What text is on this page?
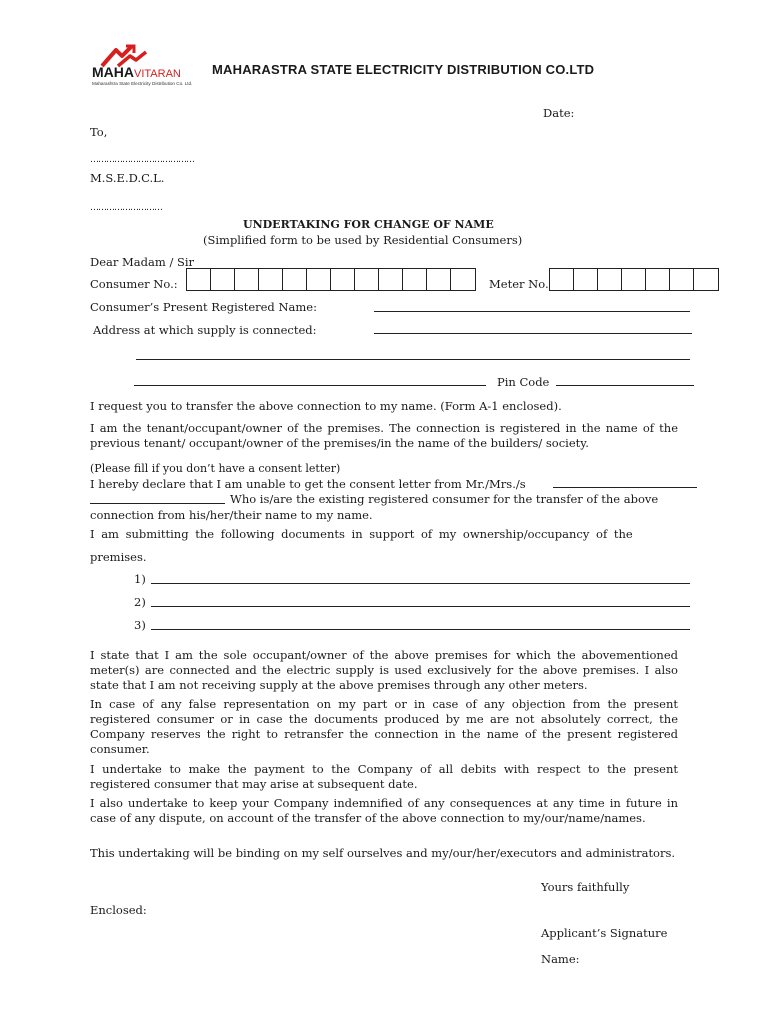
MAHAVITARAN
Maharashtra State Electricity Distribution Co. Ltd.
MAHARASTRA STATE ELECTRICITY DISTRIBUTION CO.LTD
Date:
To,
…………………………………
M.S.E.D.C.L.
………………………
UNDERTAKING FOR CHANGE OF NAME
(Simplified form to be used by Residential Consumers)
Dear Madam / Sir
Consumer No.:	Meter No.
Consumer’s Present Registered Name:
Address at which supply is connected:
Pin Code
I request you to transfer the above connection to my name. (Form A-1 enclosed).
I am the tenant/occupant/owner of the premises. The connection is registered in the name of the previous tenant/ occupant/owner of the premises/in the name of the builders/ society.
(Please fill if you don’t have a consent letter)
I hereby declare that I am unable to get the consent letter from Mr./Mrs./s
Who is/are the existing registered consumer for the transfer of the above
connection from his/her/their name to my name.
I am submitting the following documents in support of my ownership/occupancy of the
premises.
1)
2)
3)
I state that I am the sole occupant/owner of the above premises for which the abovementioned meter(s) are connected and the electric supply is used exclusively for the above premises. I also state that I am not receiving supply at the above premises through any other meters.
In case of any false representation on my part or in case of any objection from the present registered consumer or in case the documents produced by me are not absolutely correct, the Company reserves the right to retransfer the connection in the name of the present registered consumer.
I undertake to make the payment to the Company of all debits with respect to the present registered consumer that may arise at subsequent date.
I also undertake to keep your Company indemnified of any consequences at any time in future in case of any dispute, on account of the transfer of the above connection to my/our/name/names.
This undertaking will be binding on my self ourselves and my/our/her/executors and administrators.
Yours faithfully
Enclosed:
Applicant’s Signature
Name:
